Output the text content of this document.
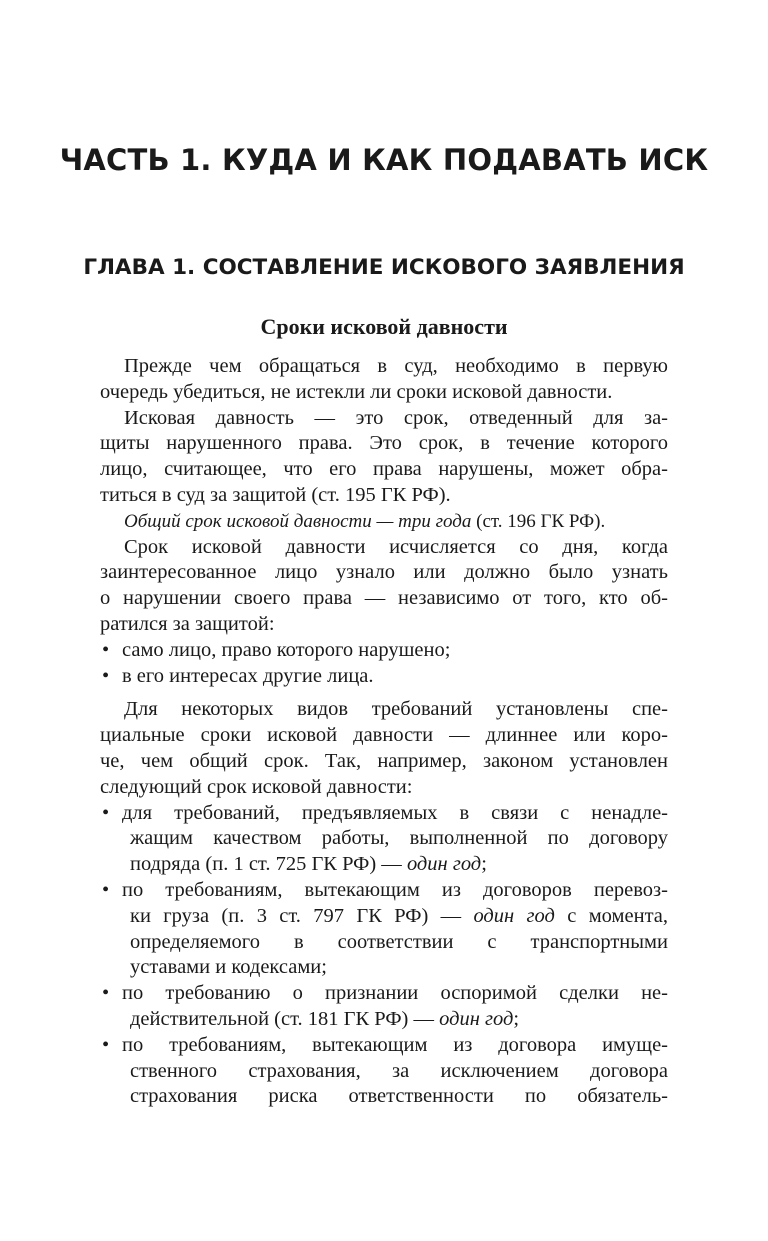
ЧАСТЬ 1. КУДА И КАК ПОДАВАТЬ ИСК
ГЛАВА 1. СОСТАВЛЕНИЕ ИСКОВОГО ЗАЯВЛЕНИЯ
Сроки исковой давности
Прежде чем обращаться в суд, необходимо в первую
очередь убедиться, не истекли ли сроки исковой давности.
Исковая давность — это срок, отведенный для за-
щиты нарушенного права. Это срок, в течение которого
лицо, считающее, что его права нарушены, может обра-
титься в суд за защитой (ст. 195 ГК РФ).
Общий срок исковой давности — три года (ст. 196 ГК РФ).
Срок исковой давности исчисляется со дня, когда
заинтересованное лицо узнало или должно было узнать
о нарушении своего права — независимо от того, кто об-
ратился за защитой:
• само лицо, право которого нарушено;
• в его интересах другие лица.
Для некоторых видов требований установлены спе-
циальные сроки исковой давности — длиннее или коро-
че, чем общий срок. Так, например, законом установлен
следующий срок исковой давности:
• для требований, предъявляемых в связи с ненадле-
жащим качеством работы, выполненной по договору
подряда (п. 1 ст. 725 ГК РФ) — один год;
• по требованиям, вытекающим из договоров перевоз-
ки груза (п. 3 ст. 797 ГК РФ) — один год с момента,
определяемого в соответствии с транспортными
уставами и кодексами;
• по требованию о признании оспоримой сделки не-
действительной (ст. 181 ГК РФ) — один год;
• по требованиям, вытекающим из договора имуще-
ственного страхования, за исключением договора
страхования риска ответственности по обязатель-
